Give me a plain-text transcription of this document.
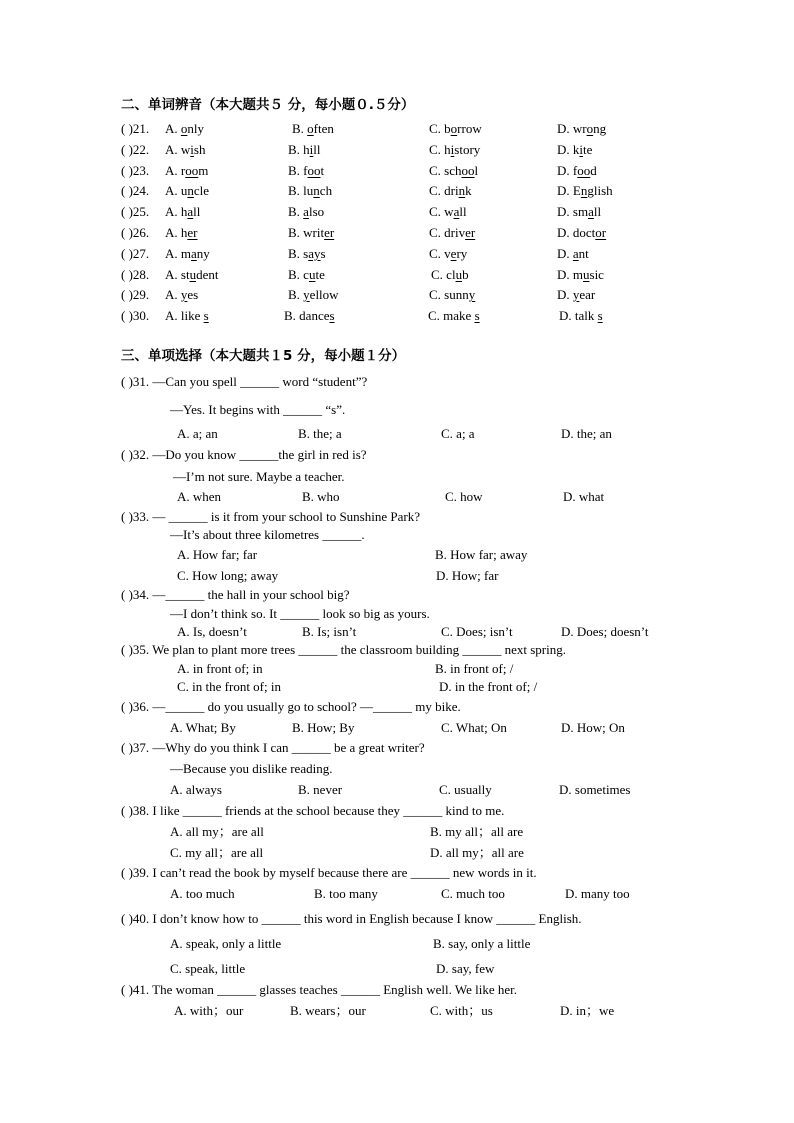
二、单词辨音（本大题共５ 分，每小题０.５分）
( )21. A. only	B. often	C. borrow	D. wrong
( )22. A. wish	B. hill	C. history	D. kite
( )23. A. room	B. foot	C. school	D. food
( )24. A. uncle	B. lunch	C. drink	D. English
( )25. A. hall	B. also	C. wall	D. small
( )26. A. her	B. writer	C. driver	D. doctor
( )27. A. many	B. says	C. very	D. ant
( )28. A. student	B. cute	C. club	D. music
( )29. A. yes	B. yellow	C. sunny	D. year
( )30. A. like s	B. dances	C. make s	D. talk s
三、单项选择（本大题共１5 分，每小题１分）
( )31. —Can you spell ______ word “student”?
—Yes. It begins with ______ “s”.
A. a; an	B. the; a	C. a; a	D. the; an
( )32. —Do you know ______the girl in red is?
—I’m not sure. Maybe a teacher.
A. when	B. who	C. how	D. what
( )33. — ______ is it from your school to Sunshine Park?
—It’s about three kilometres ______.
A. How far; far	B. How far; away
C. How long; away	D. How; far
( )34. —______ the hall in your school big?
—I don’t think so. It ______ look so big as yours.
A. Is, doesn’t	B. Is; isn’t	C. Does; isn’t	D. Does; doesn’t
( )35. We plan to plant more trees ______ the classroom building ______ next spring.
A. in front of; in	B. in front of; /
C. in the front of; in	D. in the front of; /
( )36. —______ do you usually go to school? —______ my bike.
A. What; By	B. How; By	C. What; On	D. How; On
( )37. —Why do you think I can ______ be a great writer?
—Because you dislike reading.
A. always	B. never	C. usually	D. sometimes
( )38. I like ______ friends at the school because they ______ kind to me.
A. all my；are all	B. my all；all are
C. my all；are all	D. all my；all are
( )39. I can’t read the book by myself because there are ______ new words in it.
A. too much	B. too many	C. much too	D. many too
( )40. I don’t know how to ______ this word in English because I know ______ English.
A. speak, only a little	B. say, only a little
C. speak, little	D. say, few
( )41. The woman ______ glasses teaches ______ English well. We like her.
A. with；our	B. wears；our	C. with；us	D. in；we
